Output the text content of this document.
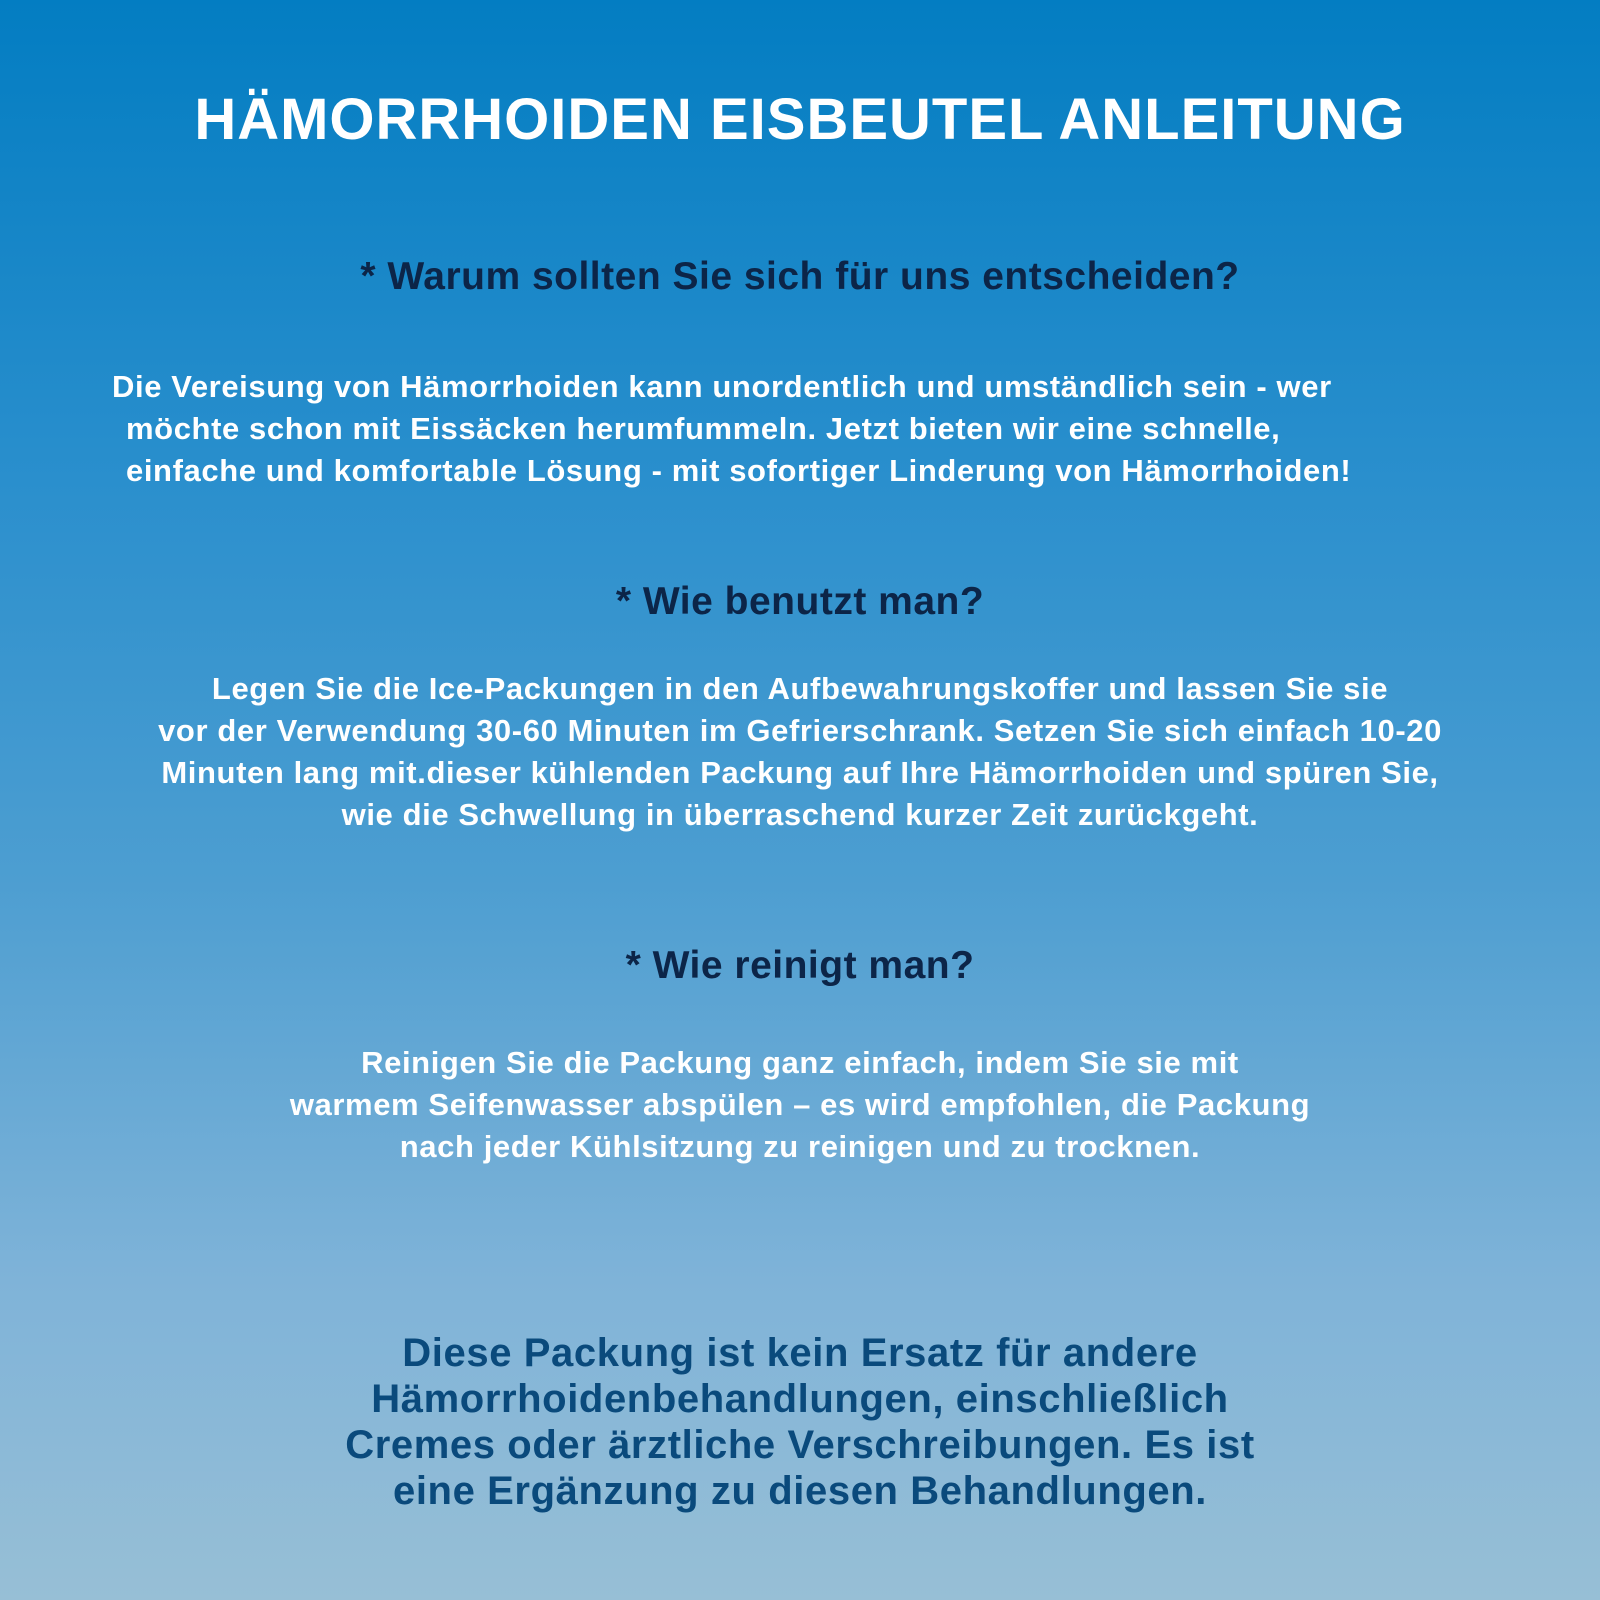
HÄMORRHOIDEN EISBEUTEL ANLEITUNG
* Warum sollten Sie sich für uns entscheiden?

Die Vereisung von Hämorrhoiden kann unordentlich und umständlich sein - wer
möchte schon mit Eissäcken herumfummeln. Jetzt bieten wir eine schnelle,
einfache und komfortable Lösung - mit sofortiger Linderung von Hämorrhoiden!

* Wie benutzt man?

Legen Sie die Ice-Packungen in den Aufbewahrungskoffer und lassen Sie sie
vor der Verwendung 30-60 Minuten im Gefrierschrank. Setzen Sie sich einfach 10-20
Minuten lang mit.dieser kühlenden Packung auf Ihre Hämorrhoiden und spüren Sie,
wie die Schwellung in überraschend kurzer Zeit zurückgeht.

* Wie reinigt man?

Reinigen Sie die Packung ganz einfach, indem Sie sie mit
warmem Seifenwasser abspülen – es wird empfohlen, die Packung
nach jeder Kühlsitzung zu reinigen und zu trocknen.

Diese Packung ist kein Ersatz für andere
Hämorrhoidenbehandlungen, einschließlich
Cremes oder ärztliche Verschreibungen. Es ist
eine Ergänzung zu diesen Behandlungen.
